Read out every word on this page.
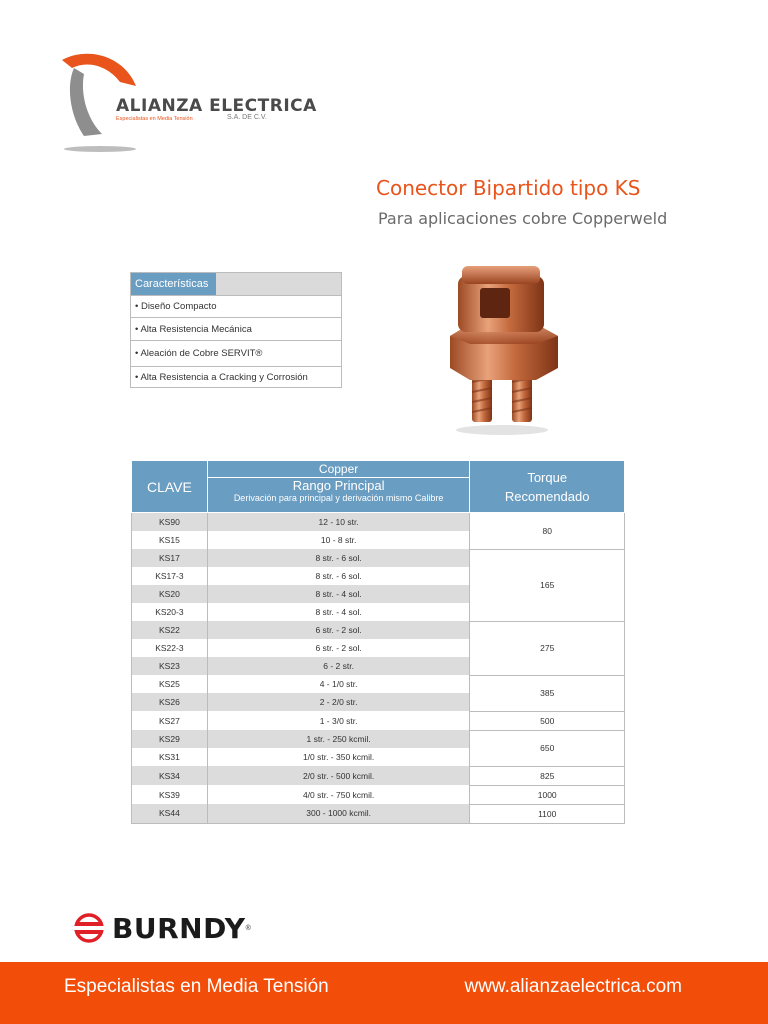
ALIANZA ELECTRICA
Especialistas en Media Tensión	S.A. DE C.V.
Conector Bipartido tipo KS
Para aplicaciones cobre Copperweld
Características
• Diseño Compacto
• Alta Resistencia Mecánica
• Aleación de Cobre SERVIT®
• Alta Resistencia a Cracking y Corrosión
CLAVE	Copper	Torque
Recomendado

	Rango Principal	
	Derivación para principal y derivación mismo Calibre	
KS90	12 - 10 str.	80
KS15	10 - 8 str.	
KS17	8 str. - 6 sol.	165
KS17-3	8 str. - 6 sol.	
KS20	8 str. - 4 sol.	
KS20-3	8 str. - 4 sol.	
KS22	6 str. - 2 sol.	275
KS22-3	6 str. - 2 sol.	
KS23	6 - 2 str.	
KS25	4 - 1/0 str.	385
KS26	2 - 2/0 str.	
KS27	1 - 3/0 str.	500
KS29	1 str. - 250 kcmil.	650
KS31	1/0 str. - 350 kcmil.	
KS34	2/0 str. - 500 kcmil.	825
KS39	4/0 str. - 750 kcmil.	1000
KS44	300 - 1000 kcmil.	1100
BURNDY ®
Especialistas en Media Tensión	www.alianzaelectrica.com
